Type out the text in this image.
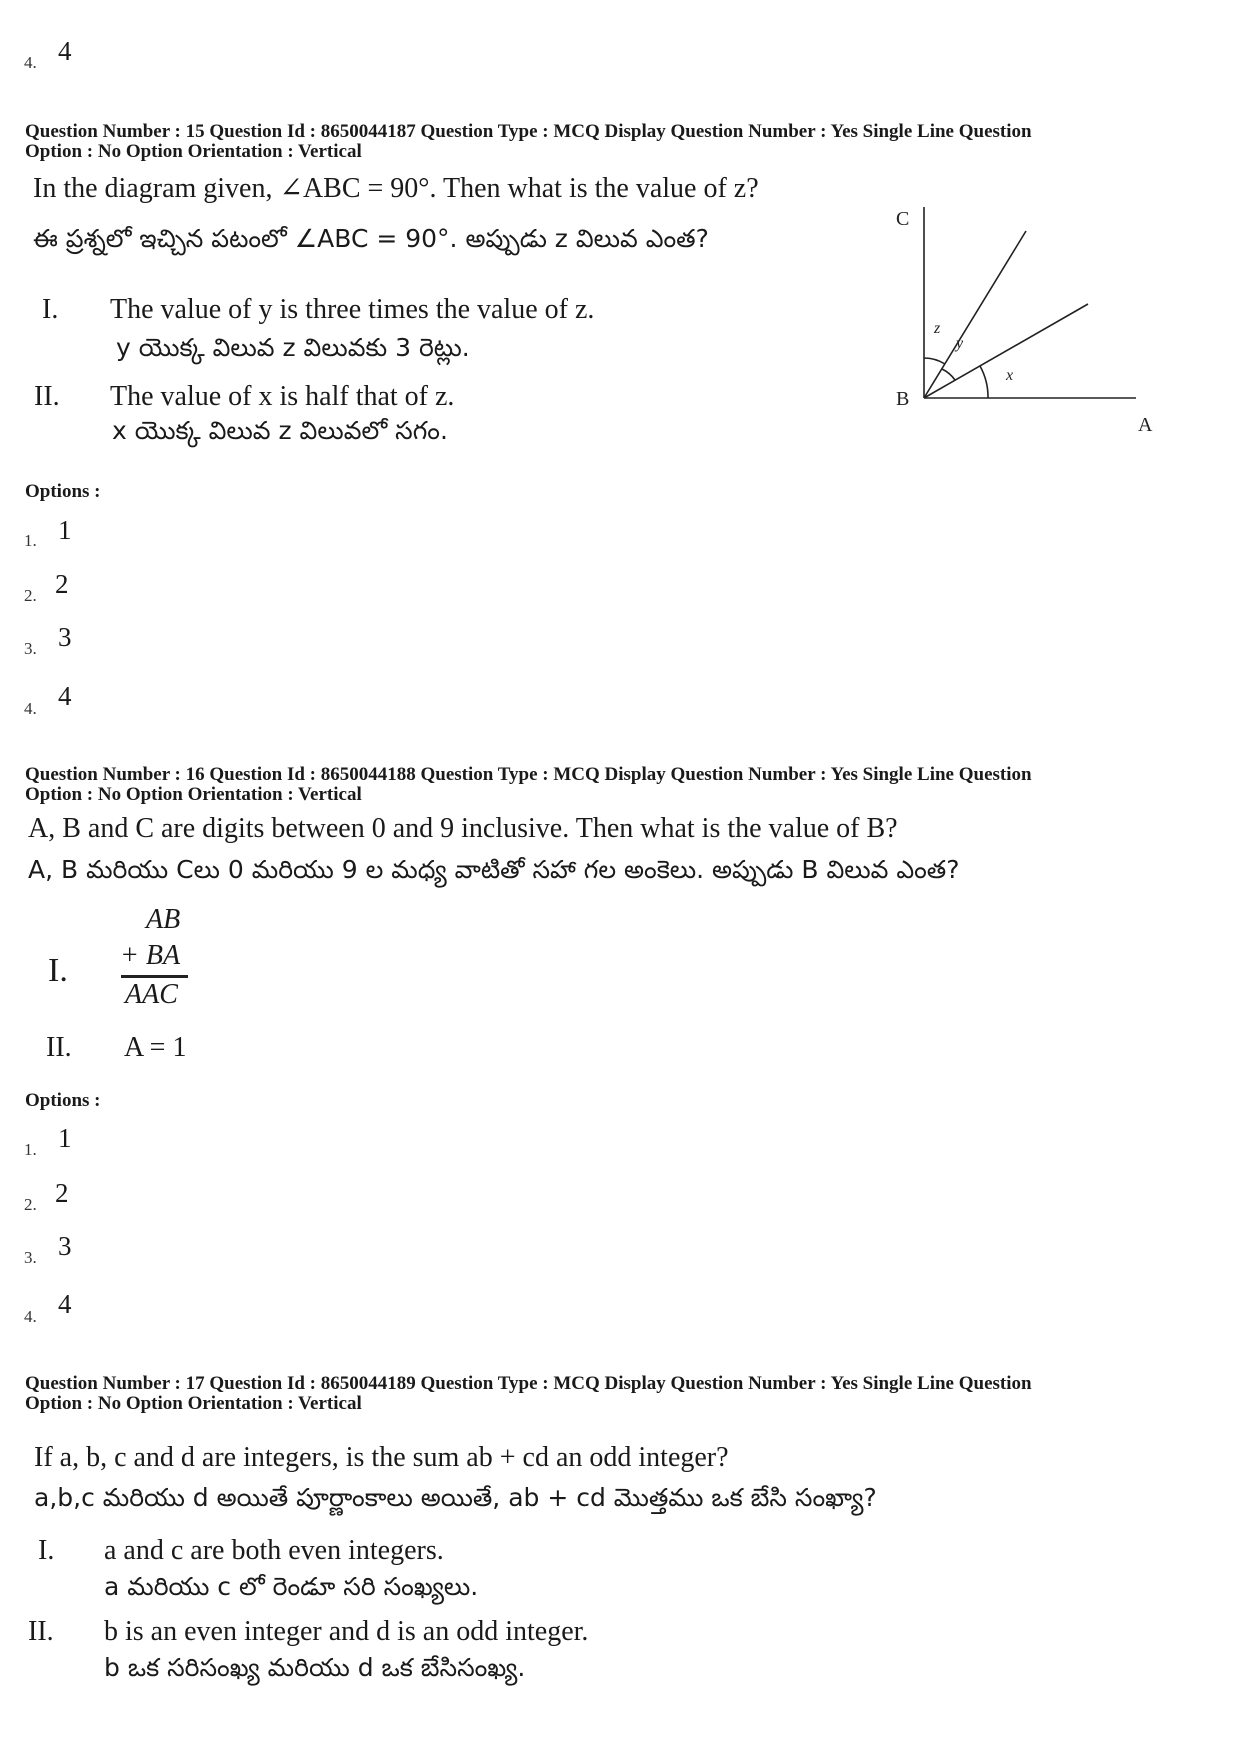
4. 4
Question Number : 15 Question Id : 8650044187 Question Type : MCQ Display Question Number : Yes Single Line Question
Option : No Option Orientation : Vertical
In the diagram given, ∠ABC = 90°. Then what is the value of z?
ఈ ప్రశ్నలో ఇచ్చిన పటంలో ∠ABC = 90°. అప్పుడు z విలువ ఎంత?
I. The value of y is three times the value of z.
y యొక్క విలువ z విలువకు 3 రెట్లు.
II. The value of x is half that of z.
x యొక్క విలువ z విలువలో సగం.
C
B
A
z
y
x
Options :
1. 1
2. 2
3. 3
4. 4
Question Number : 16 Question Id : 8650044188 Question Type : MCQ Display Question Number : Yes Single Line Question
Option : No Option Orientation : Vertical
A, B and C are digits between 0 and 9 inclusive. Then what is the value of B?
A, B మరియు Cలు 0 మరియు 9 ల మధ్య వాటితో సహా గల అంకెలు. అప్పుడు B విలువ ఎంత?
I.
AB
+ BA
AAC
II. A = 1
Options :
1. 1
2. 2
3. 3
4. 4
Question Number : 17 Question Id : 8650044189 Question Type : MCQ Display Question Number : Yes Single Line Question
Option : No Option Orientation : Vertical
If a, b, c and d are integers, is the sum ab + cd an odd integer?
a,b,c మరియు d అయితే పూర్ణాంకాలు అయితే, ab + cd మొత్తము ఒక బేసి సంఖ్యా?
I. a and c are both even integers.
a మరియు c లో రెండూ సరి సంఖ్యలు.
II. b is an even integer and d is an odd integer.
b ఒక సరిసంఖ్య మరియు d ఒక బేసిసంఖ్య.
